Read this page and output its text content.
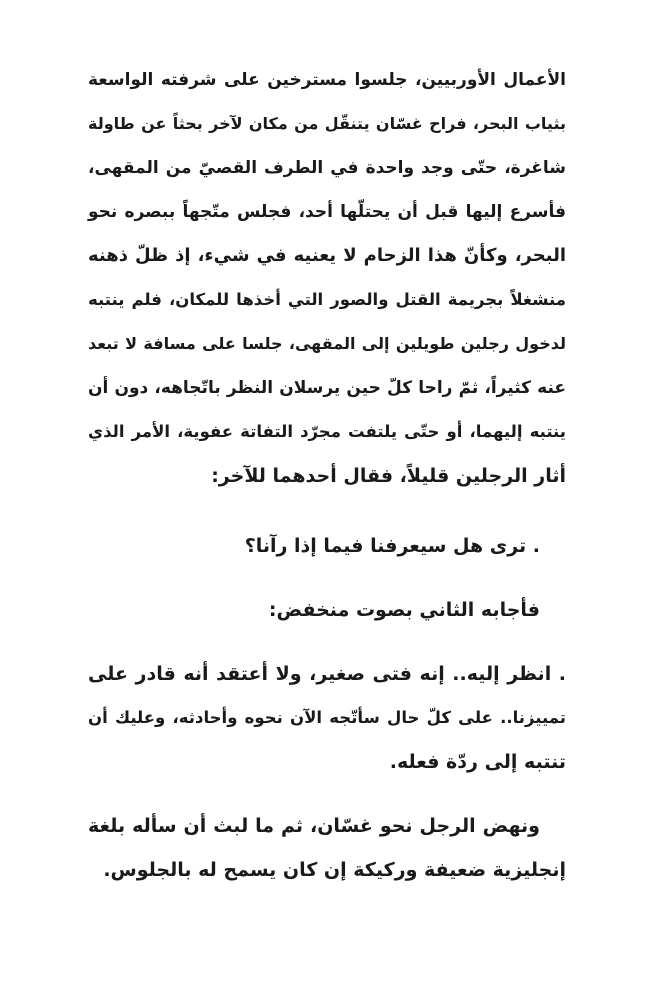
الأعمال الأوربيين، جلسوا مسترخين على شرفته الواسعة
بثياب البحر، فراح غسّان يتنقّل من مكان لآخر بحثاً عن طاولة
شاغرة، حتّى وجد واحدة في الطرف القصيّ من المقهى،
فأسرع إليها قبل أن يحتلّها أحد، فجلس متّجهاً ببصره نحو
البحر، وكأنّ هذا الزحام لا يعنيه في شيء، إذ ظلّ ذهنه
منشغلاً بجريمة القتل والصور التي أخذها للمكان، فلم ينتبه
لدخول رجلين طويلين إلى المقهى، جلسا على مسافة لا تبعد
عنه كثيراً، ثمّ راحا كلّ حين يرسلان النظر باتّجاهه، دون أن
ينتبه إليهما، أو حتّى يلتفت مجرّد التفاتة عفوية، الأمر الذي
أثار الرجلين قليلاً، فقال أحدهما للآخر:
. ترى هل سيعرفنا فيما إذا رآنا؟
فأجابه الثاني بصوت منخفض:
. انظر إليه.. إنه فتى صغير، ولا أعتقد أنه قادر على
تمييزنا.. على كلّ حال سأتّجه الآن نحوه وأحادثه، وعليك أن
تنتبه إلى ردّة فعله.
ونهض الرجل نحو غسّان، ثم ما لبث أن سأله بلغة
إنجليزية ضعيفة وركيكة إن كان يسمح له بالجلوس.
